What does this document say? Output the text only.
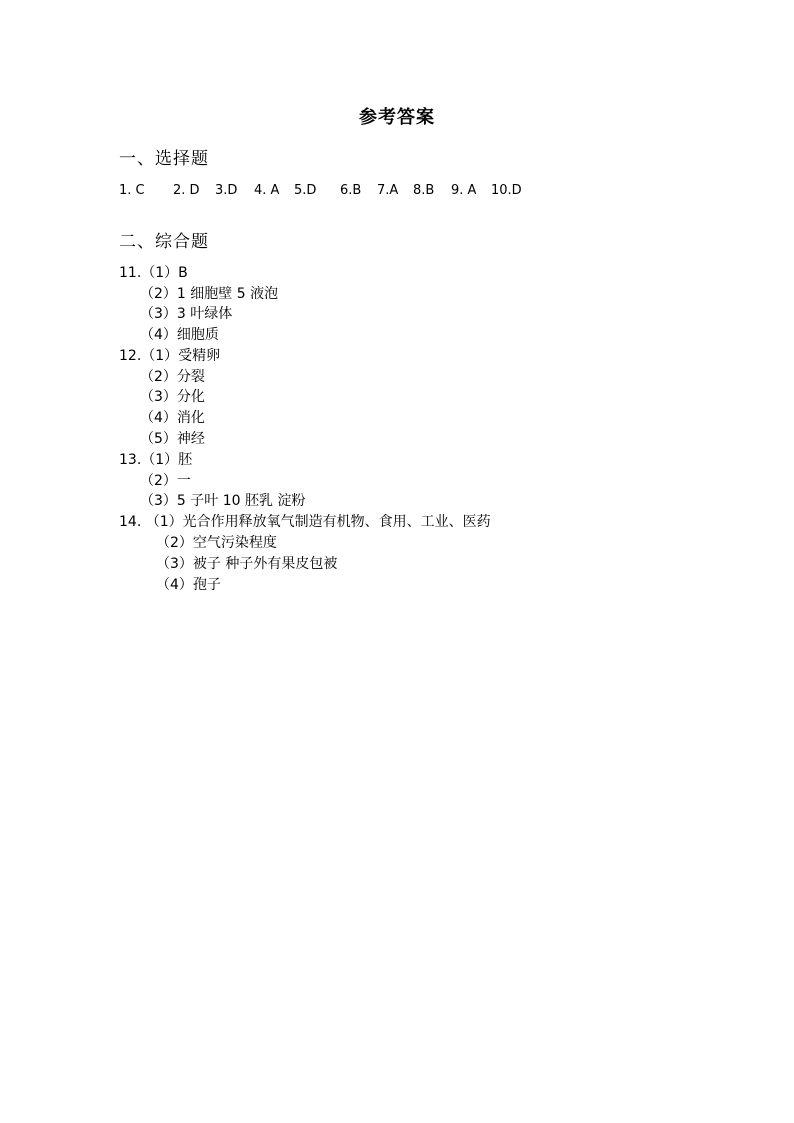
参考答案
一、选择题
1. C 2. D 3.D 4. A 5.D 6.B 7.A 8.B 9. A 10.D
二、综合题
11.（1）B
（2）1 细胞壁 5 液泡
（3）3 叶绿体
（4）细胞质
12.（1）受精卵
（2）分裂
（3）分化
（4）消化
（5）神经
13.（1）胚
（2）一
（3）5 子叶 10 胚乳 淀粉
14. （1）光合作用释放氧气制造有机物、食用、工业、医药
（2）空气污染程度
（3）被子 种子外有果皮包被
（4）孢子
